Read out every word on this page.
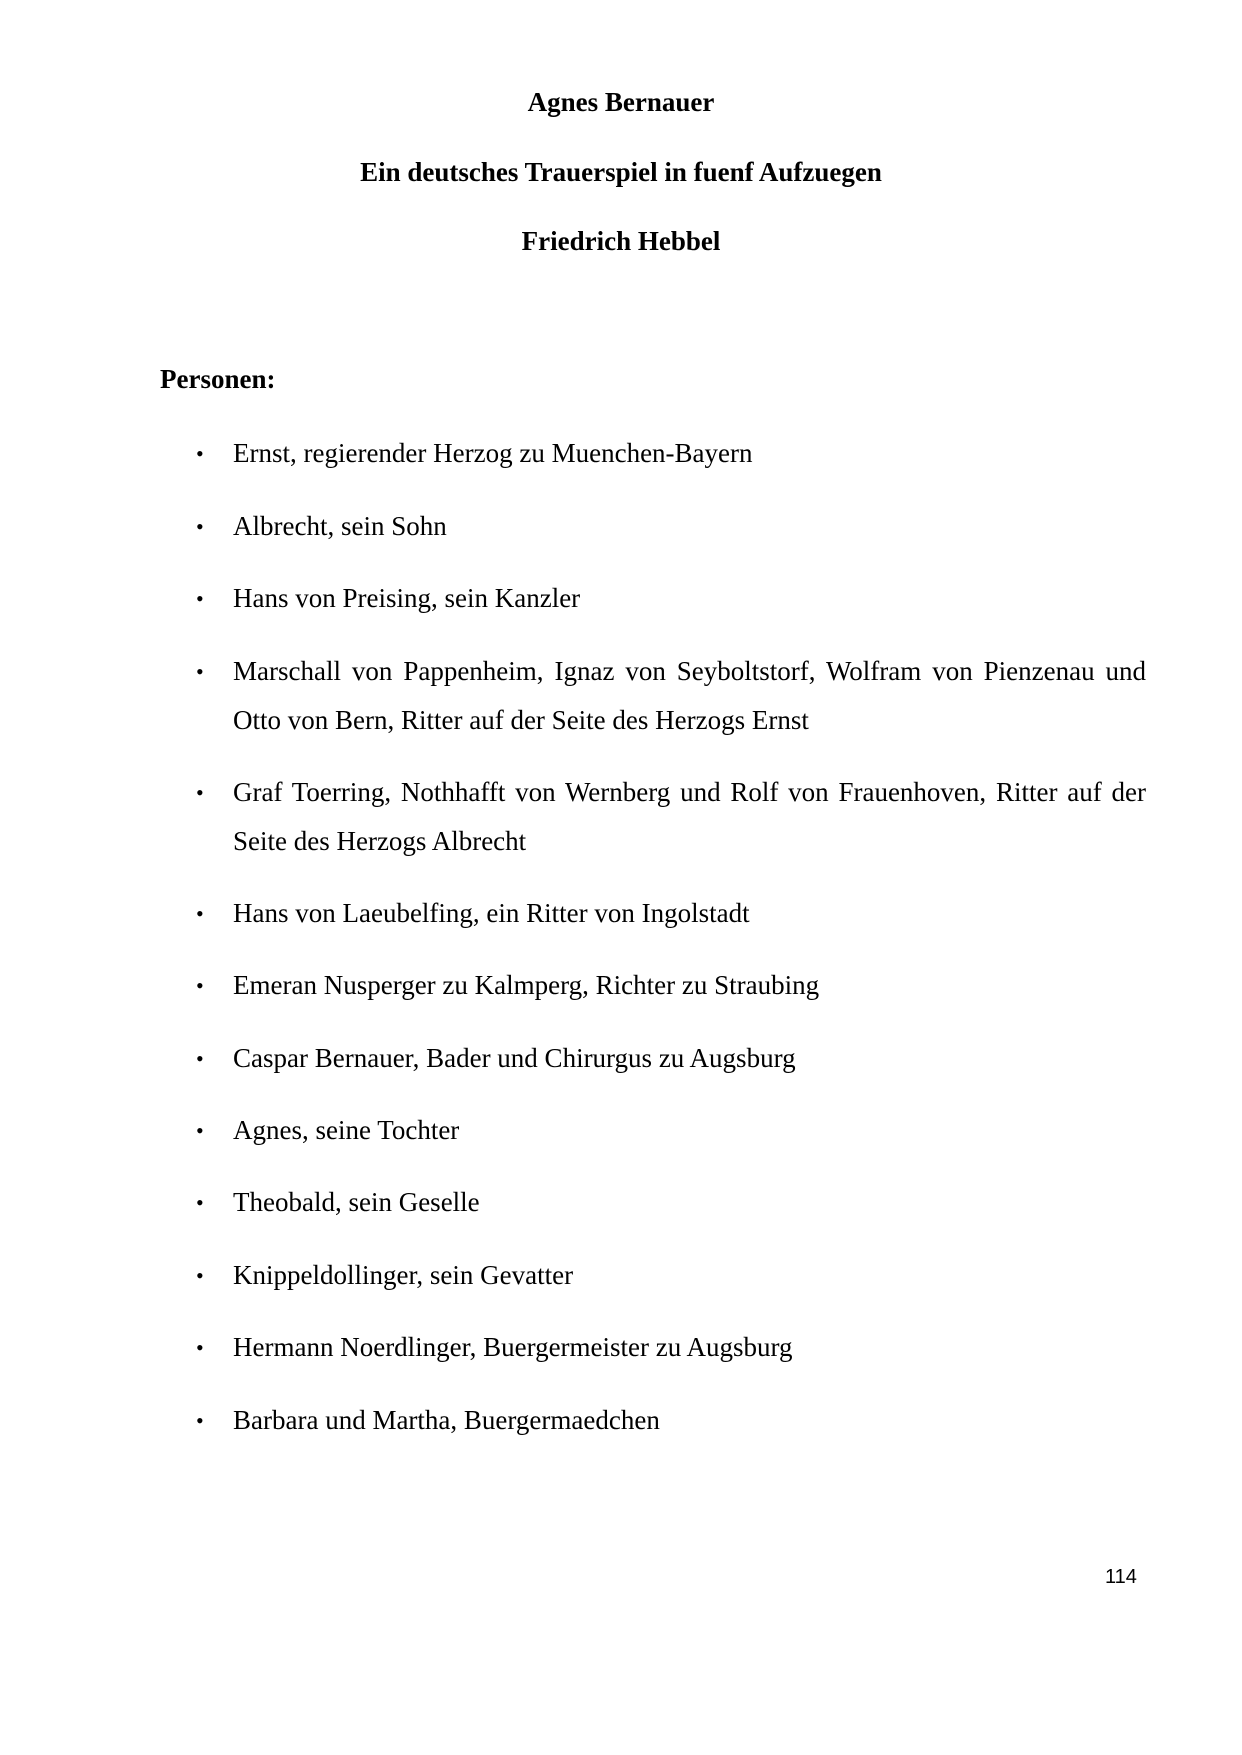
Agnes Bernauer
Ein deutsches Trauerspiel in fuenf Aufzuegen
Friedrich Hebbel
Personen:
• Ernst, regierender Herzog zu Muenchen-Bayern
• Albrecht, sein Sohn
• Hans von Preising, sein Kanzler
• Marschall von Pappenheim, Ignaz von Seyboltstorf, Wolfram von Pienzenau und Otto von Bern, Ritter auf der Seite des Herzogs Ernst
• Graf Toerring, Nothhafft von Wernberg und Rolf von Frauenhoven, Ritter auf der Seite des Herzogs Albrecht
• Hans von Laeubelfing, ein Ritter von Ingolstadt
• Emeran Nusperger zu Kalmperg, Richter zu Straubing
• Caspar Bernauer, Bader und Chirurgus zu Augsburg
• Agnes, seine Tochter
• Theobald, sein Geselle
• Knippeldollinger, sein Gevatter
• Hermann Noerdlinger, Buergermeister zu Augsburg
• Barbara und Martha, Buergermaedchen
114
